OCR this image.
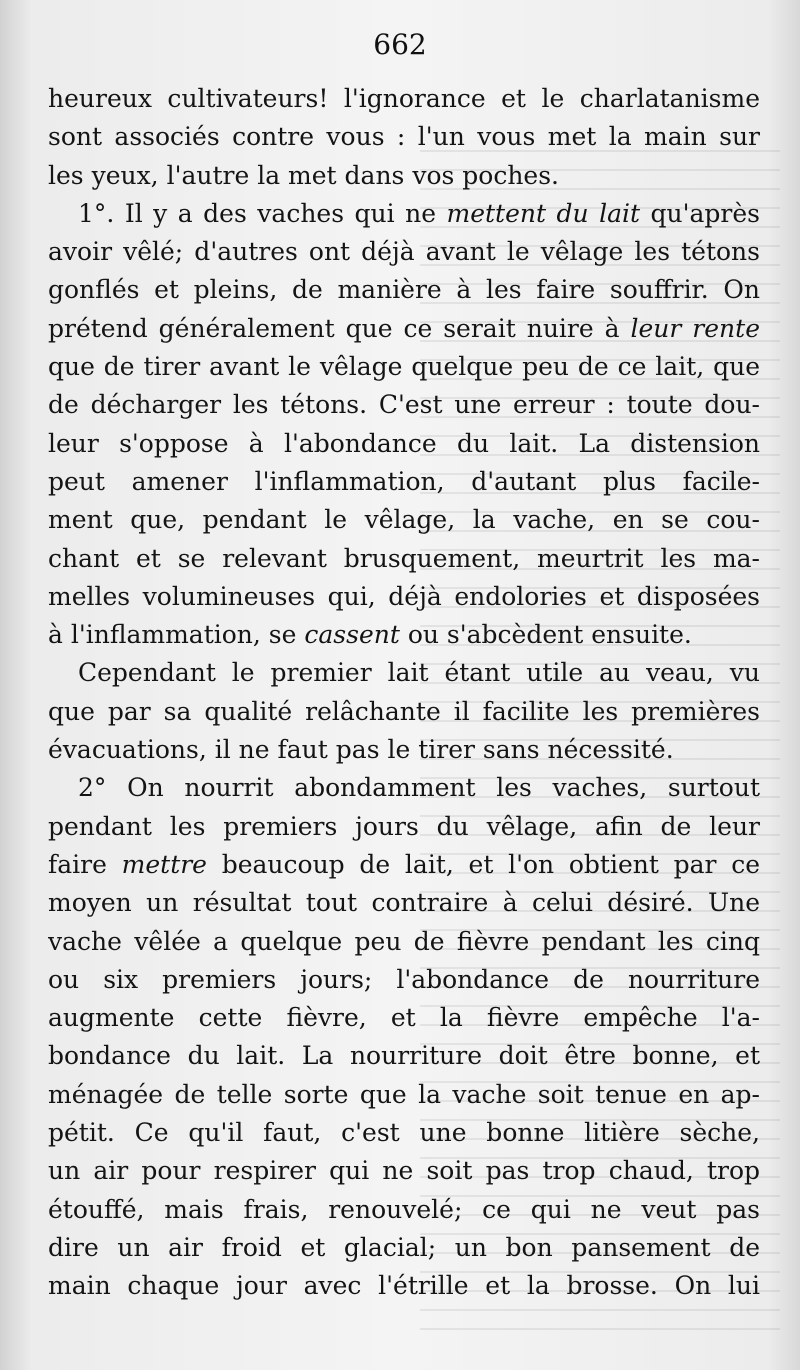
662
heureux cultivateurs! l'ignorance et le charlatanisme
sont associés contre vous : l'un vous met la main sur
les yeux, l'autre la met dans vos poches.
1°. Il y a des vaches qui ne mettent du lait qu'après
avoir vêlé; d'autres ont déjà avant le vêlage les tétons
gonflés et pleins, de manière à les faire souffrir. On
prétend généralement que ce serait nuire à leur rente
que de tirer avant le vêlage quelque peu de ce lait, que
de décharger les tétons. C'est une erreur : toute dou-
leur s'oppose à l'abondance du lait. La distension
peut amener l'inflammation, d'autant plus facile-
ment que, pendant le vêlage, la vache, en se cou-
chant et se relevant brusquement, meurtrit les ma-
melles volumineuses qui, déjà endolories et disposées
à l'inflammation, se cassent ou s'abcèdent ensuite.
Cependant le premier lait étant utile au veau, vu
que par sa qualité relâchante il facilite les premières
évacuations, il ne faut pas le tirer sans nécessité.
2° On nourrit abondamment les vaches, surtout
pendant les premiers jours du vêlage, afin de leur
faire mettre beaucoup de lait, et l'on obtient par ce
moyen un résultat tout contraire à celui désiré. Une
vache vêlée a quelque peu de fièvre pendant les cinq
ou six premiers jours; l'abondance de nourriture
augmente cette fièvre, et la fièvre empêche l'a-
bondance du lait. La nourriture doit être bonne, et
ménagée de telle sorte que la vache soit tenue en ap-
pétit. Ce qu'il faut, c'est une bonne litière sèche,
un air pour respirer qui ne soit pas trop chaud, trop
étouffé, mais frais, renouvelé; ce qui ne veut pas
dire un air froid et glacial; un bon pansement de
main chaque jour avec l'étrille et la brosse. On lui
